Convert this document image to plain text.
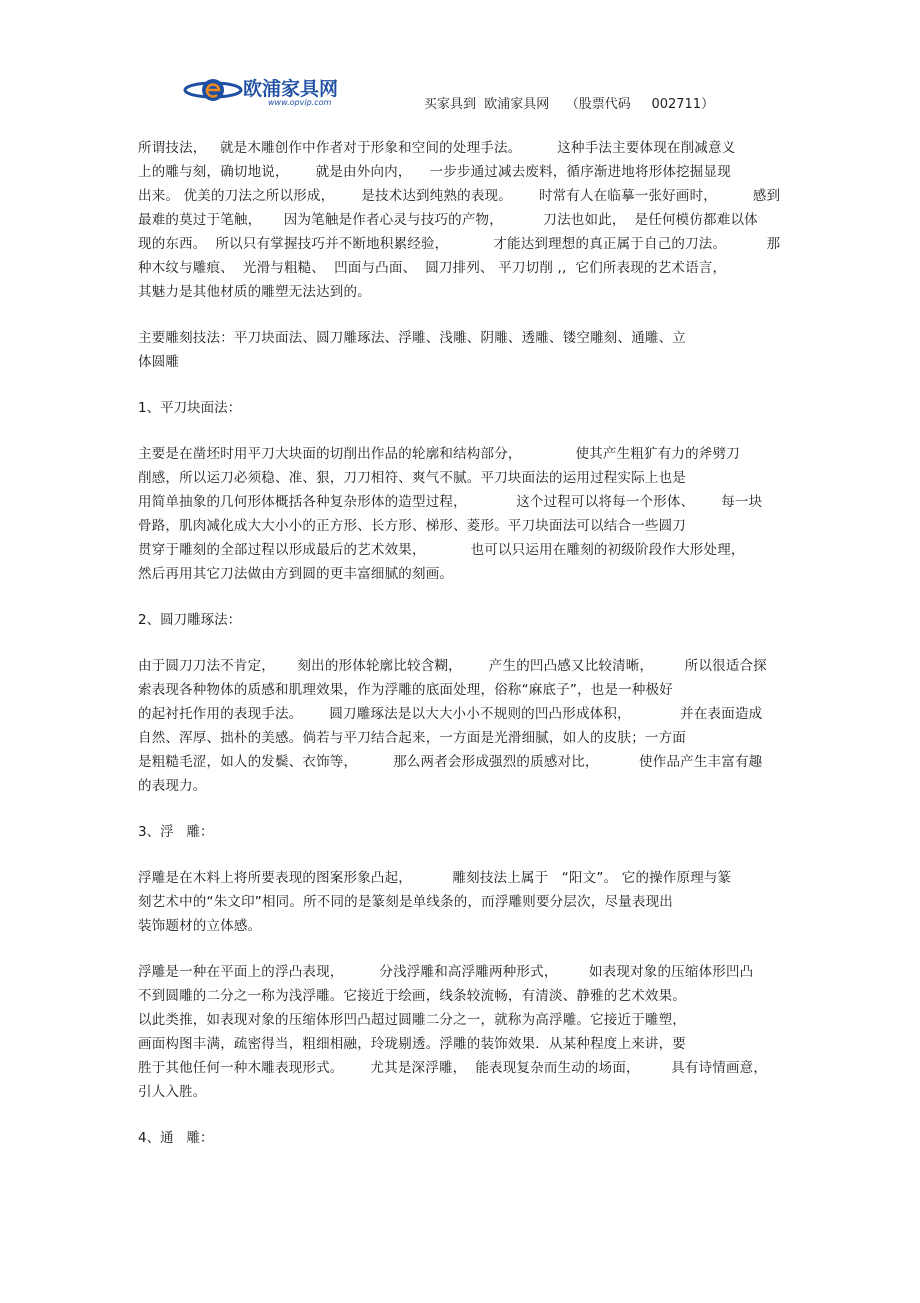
欧浦家具网
www.opvip.com	买家具到  欧浦家具网    （股票代码     002711）
所谓技法，   就是木雕创作中作者对于形象和空间的处理手法。        这种手法主要体现在削减意义
上的雕与刻，确切地说，      就是由外向内，    一步步通过减去废料，循序渐进地将形体挖掘显现
出来。 优美的刀法之所以形成，      是技术达到纯熟的表现。      时常有人在临摹一张好画时，        感到
最难的莫过于笔触，     因为笔触是作者心灵与技巧的产物，         刀法也如此，  是任何模仿都难以体
现的东西。  所以只有掌握技巧并不断地积累经验，          才能达到理想的真正属于自己的刀法。         那
种木纹与雕痕、  光滑与粗糙、  凹面与凸面、  圆刀排列、 平刀切削 ,,  它们所表现的艺术语言，
其魅力是其他材质的雕塑无法达到的。
主要雕刻技法：平刀块面法、圆刀雕琢法、浮雕、浅雕、阴雕、透雕、镂空雕刻、通雕、立
体圆雕
1、平刀块面法：
主要是在凿坯时用平刀大块面的切削出作品的轮廓和结构部分，            使其产生粗犷有力的斧劈刀
削感，所以运刀必须稳、准、狠，刀刀相符、爽气不腻。平刀块面法的运用过程实际上也是
用简单抽象的几何形体概括各种复杂形体的造型过程，           这个过程可以将每一个形体、      每一块
骨路，肌肉减化成大大小小的正方形、长方形、梯形、菱形。平刀块面法可以结合一些圆刀
贯穿于雕刻的全部过程以形成最后的艺术效果，          也可以只运用在雕刻的初级阶段作大形处理，
然后再用其它刀法做由方到圆的更丰富细腻的刻画。
2、圆刀雕琢法：
由于圆刀刀法不肯定，     刻出的形体轮廓比较含糊，      产生的凹凸感又比较清晰，       所以很适合探
索表现各种物体的质感和肌理效果，作为浮雕的底面处理，俗称“麻底子”，也是一种极好
的起衬托作用的表现手法。      圆刀雕琢法是以大大小小不规则的凹凸形成体积，           并在表面造成
自然、浑厚、拙朴的美感。倘若与平刀结合起来，一方面是光滑细腻，如人的皮肤；一方面
是粗糙毛涩，如人的发鬓、衣饰等，        那么两者会形成强烈的质感对比，         使作品产生丰富有趣
的表现力。
3、浮   雕：
浮雕是在木料上将所要表现的图案形象凸起，         雕刻技法上属于   “阳文”。 它的操作原理与篆
刻艺术中的“朱文印”相同。所不同的是篆刻是单线条的，而浮雕则要分层次，尽量表现出
装饰题材的立体感。
浮雕是一种在平面上的浮凸表现，        分浅浮雕和高浮雕两种形式，       如表现对象的压缩体形凹凸
不到圆雕的二分之一称为浅浮雕。它接近于绘画，线条较流畅，有清淡、静雅的艺术效果。
以此类推，如表现对象的压缩体形凹凸超过圆雕二分之一，就称为高浮雕。它接近于雕塑，
画面构图丰满，疏密得当，粗细相融，玲珑剔透。浮雕的装饰效果．从某种程度上来讲，要
胜于其他任何一种木雕表现形式。      尤其是深浮雕，  能表现复杂而生动的场面，       具有诗情画意，
引人入胜。
4、通   雕：
